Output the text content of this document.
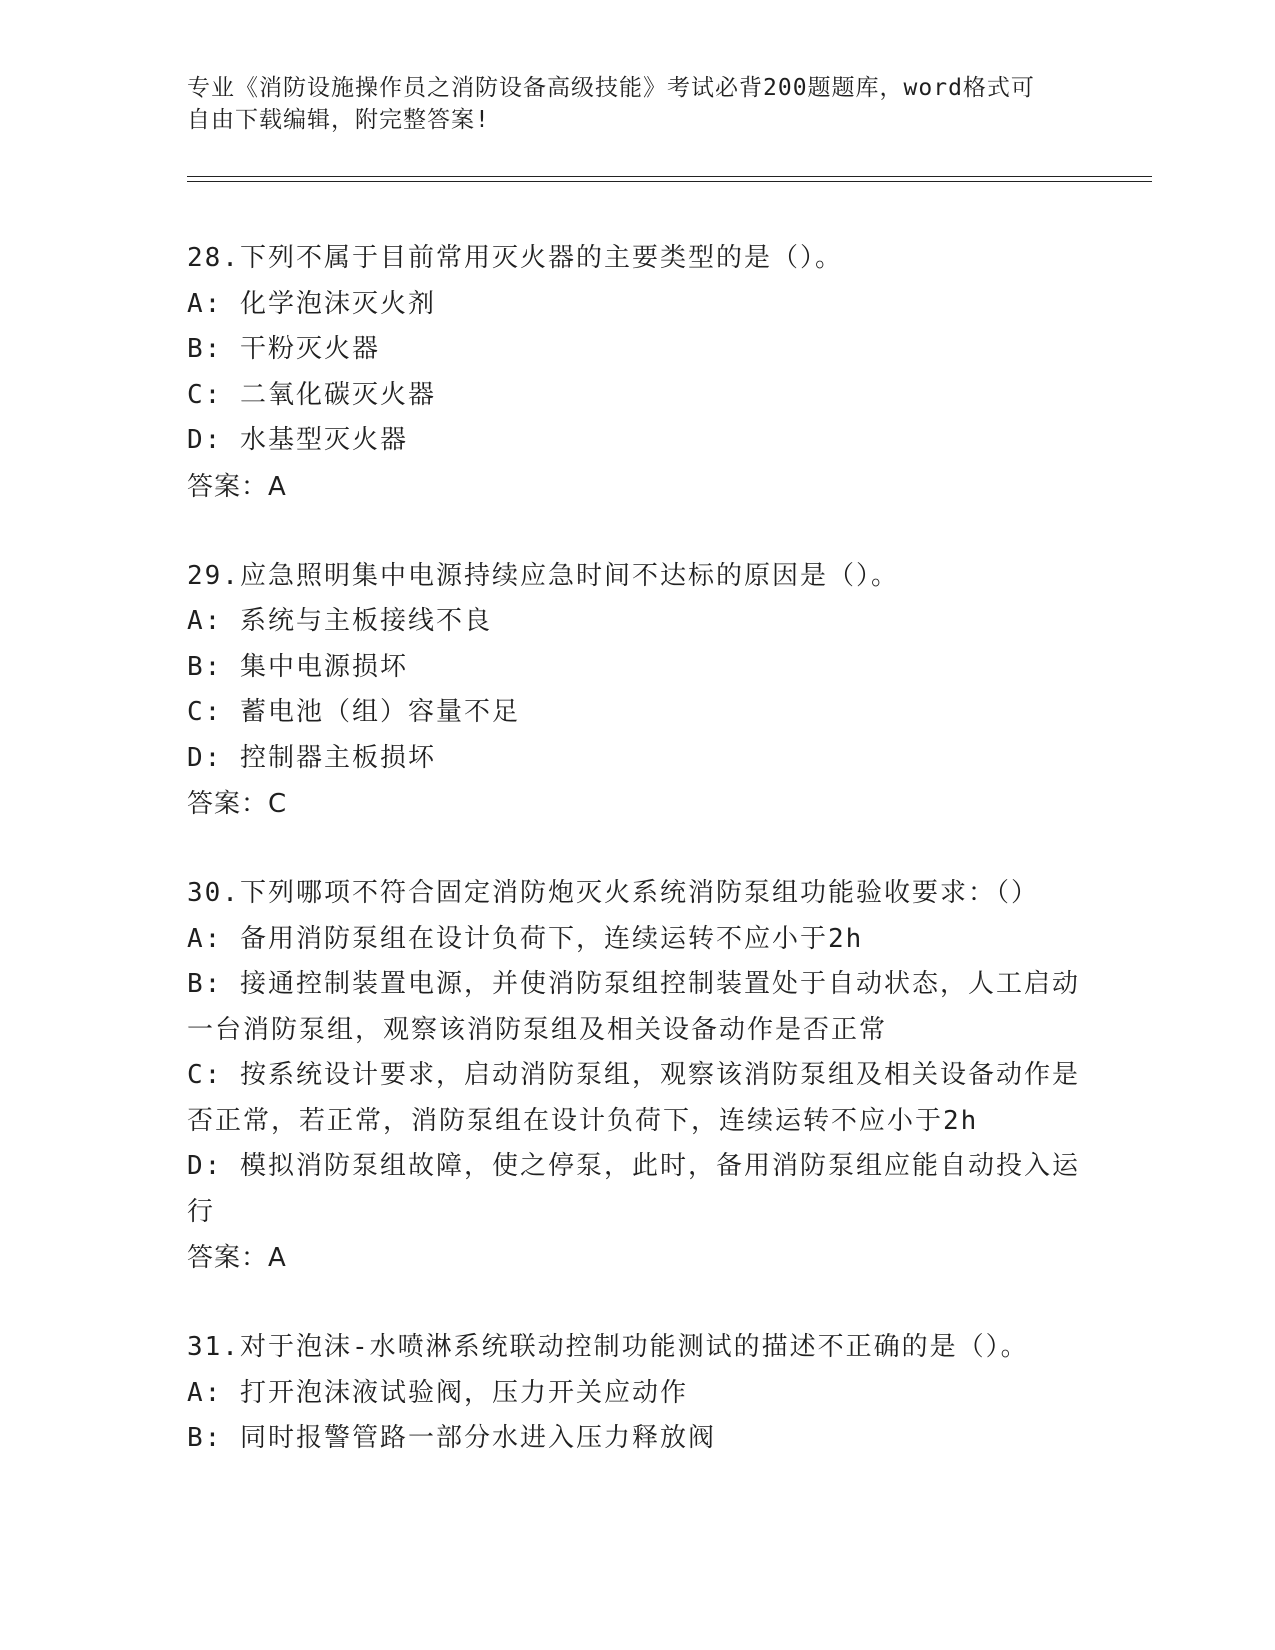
专业《消防设施操作员之消防设备高级技能》考试必背200题题库，word格式可
自由下载编辑，附完整答案!
28.下列不属于目前常用灭火器的主要类型的是（）。
A: 化学泡沫灭火剂
B: 干粉灭火器
C: 二氧化碳灭火器
D: 水基型灭火器
答案：A
29.应急照明集中电源持续应急时间不达标的原因是（）。
A: 系统与主板接线不良
B: 集中电源损坏
C: 蓄电池（组）容量不足
D: 控制器主板损坏
答案：C
30.下列哪项不符合固定消防炮灭火系统消防泵组功能验收要求：（）
A: 备用消防泵组在设计负荷下，连续运转不应小于2h
B: 接通控制装置电源，并使消防泵组控制装置处于自动状态，人工启动一台消防泵组，观察该消防泵组及相关设备动作是否正常
C: 按系统设计要求，启动消防泵组，观察该消防泵组及相关设备动作是否正常，若正常，消防泵组在设计负荷下，连续运转不应小于2h
D: 模拟消防泵组故障，使之停泵，此时，备用消防泵组应能自动投入运行
答案：A
31.对于泡沫-水喷淋系统联动控制功能测试的描述不正确的是（）。
A: 打开泡沫液试验阀，压力开关应动作
B: 同时报警管路一部分水进入压力释放阀
